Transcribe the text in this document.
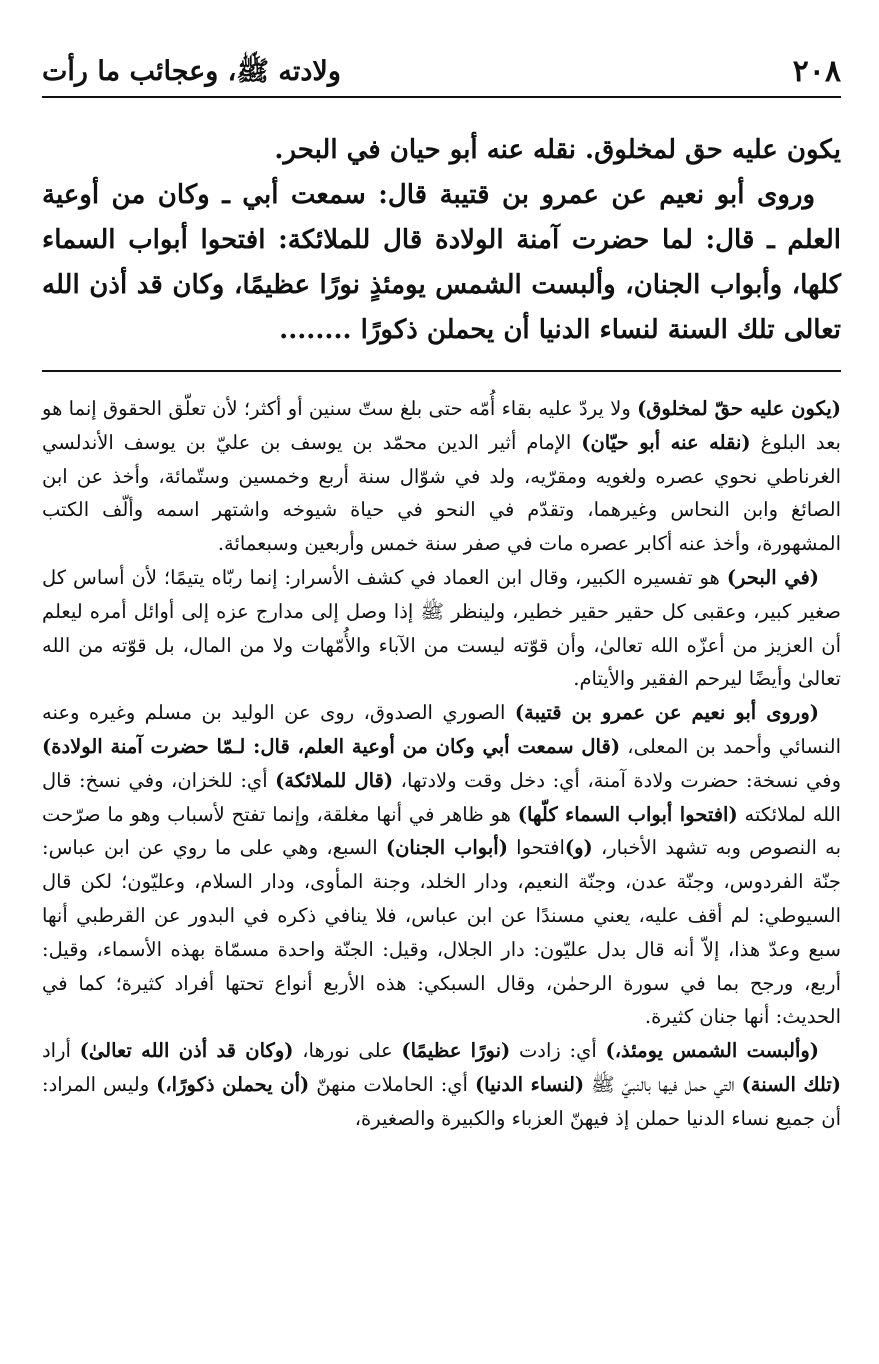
٢٠٨
ولادته ﷺ، وعجائب ما رأت

يكون عليه حق لمخلوق. نقله عنه أبو حيان في البحر.

وروى أبو نعيم عن عمرو بن قتيبة قال: سمعت أبي ـ وكان من أوعية العلم ـ قال: لما حضرت آمنة الولادة قال للملائكة: افتحوا أبواب السماء كلها، وأبواب الجنان، وألبست الشمس يومئذٍ نورًا عظيمًا، وكان قد أذن الله تعالى تلك السنة لنساء الدنيا أن يحملن ذكورًا ........

(يكون عليه حقّ لمخلوق) ولا يردّ عليه بقاء أُمّه حتى بلغ ستّ سنين أو أكثر؛ لأن تعلّق الحقوق إنما هو بعد البلوغ (نقله عنه أبو حيّان) الإمام أثير الدين محمّد بن يوسف بن عليّ بن يوسف الأندلسي الغرناطي نحوي عصره ولغويه ومقرّيه، ولد في شوّال سنة أربع وخمسين وستّمائة، وأخذ عن ابن الصائغ وابن النحاس وغيرهما، وتقدّم في النحو في حياة شيوخه واشتهر اسمه وألّف الكتب المشهورة، وأخذ عنه أكابر عصره مات في صفر سنة خمس وأربعين وسبعمائة.

(في البحر) هو تفسيره الكبير، وقال ابن العماد في كشف الأسرار: إنما ربّاه يتيمًا؛ لأن أساس كل صغير كبير، وعقبى كل حقير حقير خطير، ولينظر ﷺ إذا وصل إلى مدارج عزه إلى أوائل أمره ليعلم أن العزيز من أعزّه الله تعالىٰ، وأن قوّته ليست من الآباء والأُمّهات ولا من المال، بل قوّته من الله تعالىٰ وأيضًا ليرحم الفقير والأيتام.

(وروى أبو نعيم عن عمرو بن قتيبة) الصوري الصدوق، روى عن الوليد بن مسلم وغيره وعنه النسائي وأحمد بن المعلى، (قال سمعت أبي وكان من أوعية العلم، قال: لـمّا حضرت آمنة الولادة) وفي نسخة: حضرت ولادة آمنة، أي: دخل وقت ولادتها، (قال للملائكة) أي: للخزان، وفي نسخ: قال الله لملائكته (افتحوا أبواب السماء كلّها) هو ظاهر في أنها مغلقة، وإنما تفتح لأسباب وهو ما صرّحت به النصوص وبه تشهد الأخبار، (و)افتحوا (أبواب الجنان) السبع، وهي على ما روي عن ابن عباس: جنّة الفردوس، وجنّة عدن، وجنّة النعيم، ودار الخلد، وجنة المأوى، ودار السلام، وعليّون؛ لكن قال السيوطي: لم أقف عليه، يعني مسندًا عن ابن عباس، فلا ينافي ذكره في البدور عن القرطبي أنها سبع وعدّ هذا، إلاّ أنه قال بدل عليّون: دار الجلال، وقيل: الجنّة واحدة مسمّاة بهذه الأسماء، وقيل: أربع، ورجح بما في سورة الرحمٰن، وقال السبكي: هذه الأربع أنواع تحتها أفراد كثيرة؛ كما في الحديث: أنها جنان كثيرة.

(وألبست الشمس يومئذ،) أي: زادت (نورًا عظيمًا) على نورها، (وكان قد أذن الله تعالىٰ) أراد (تلك السنة) التي حمل فيها بالنبيّ ﷺ (لنساء الدنيا) أي: الحاملات منهنّ (أن يحملن ذكورًا،) وليس المراد: أن جميع نساء الدنيا حملن إذ فيهنّ العزباء والكبيرة والصغيرة،
